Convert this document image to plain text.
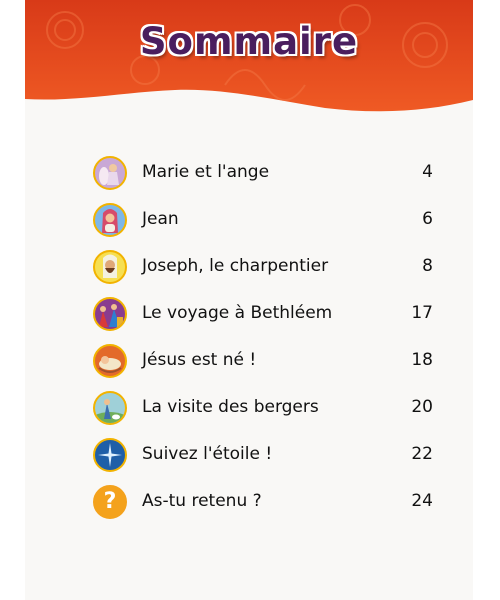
Sommaire
Marie et l'ange	4
Jean	6
Joseph, le charpentier	8
Le voyage à Bethléem	17
Jésus est né !	18
La visite des bergers	20
Suivez l'étoile !	22
? As-tu retenu ?	24
